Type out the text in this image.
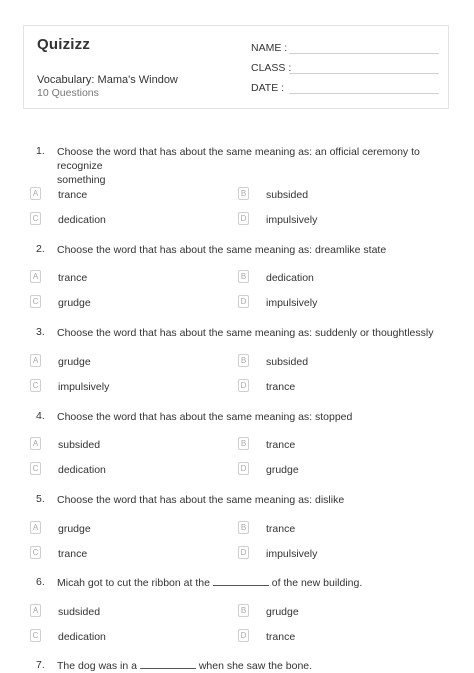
Quizizz
Vocabulary: Mama's Window
10 Questions
NAME :
CLASS :
DATE :
1.	Choose the word that has about the same meaning as: an official ceremony to recognize
something
A trance	B subsided
C dedication	D impulsively
2.	Choose the word that has about the same meaning as: dreamlike state
A trance	B dedication
C grudge	D impulsively
3.	Choose the word that has about the same meaning as: suddenly or thoughtlessly
A grudge	B subsided
C impulsively	D trance
4.	Choose the word that has about the same meaning as: stopped
A subsided	B trance
C dedication	D grudge
5.	Choose the word that has about the same meaning as: dislike
A grudge	B trance
C trance	D impulsively
6.	Micah got to cut the ribbon at the	of the new building.
A sudsided	B grudge
C dedication	D trance
7.	The dog was in a	when she saw the bone.
